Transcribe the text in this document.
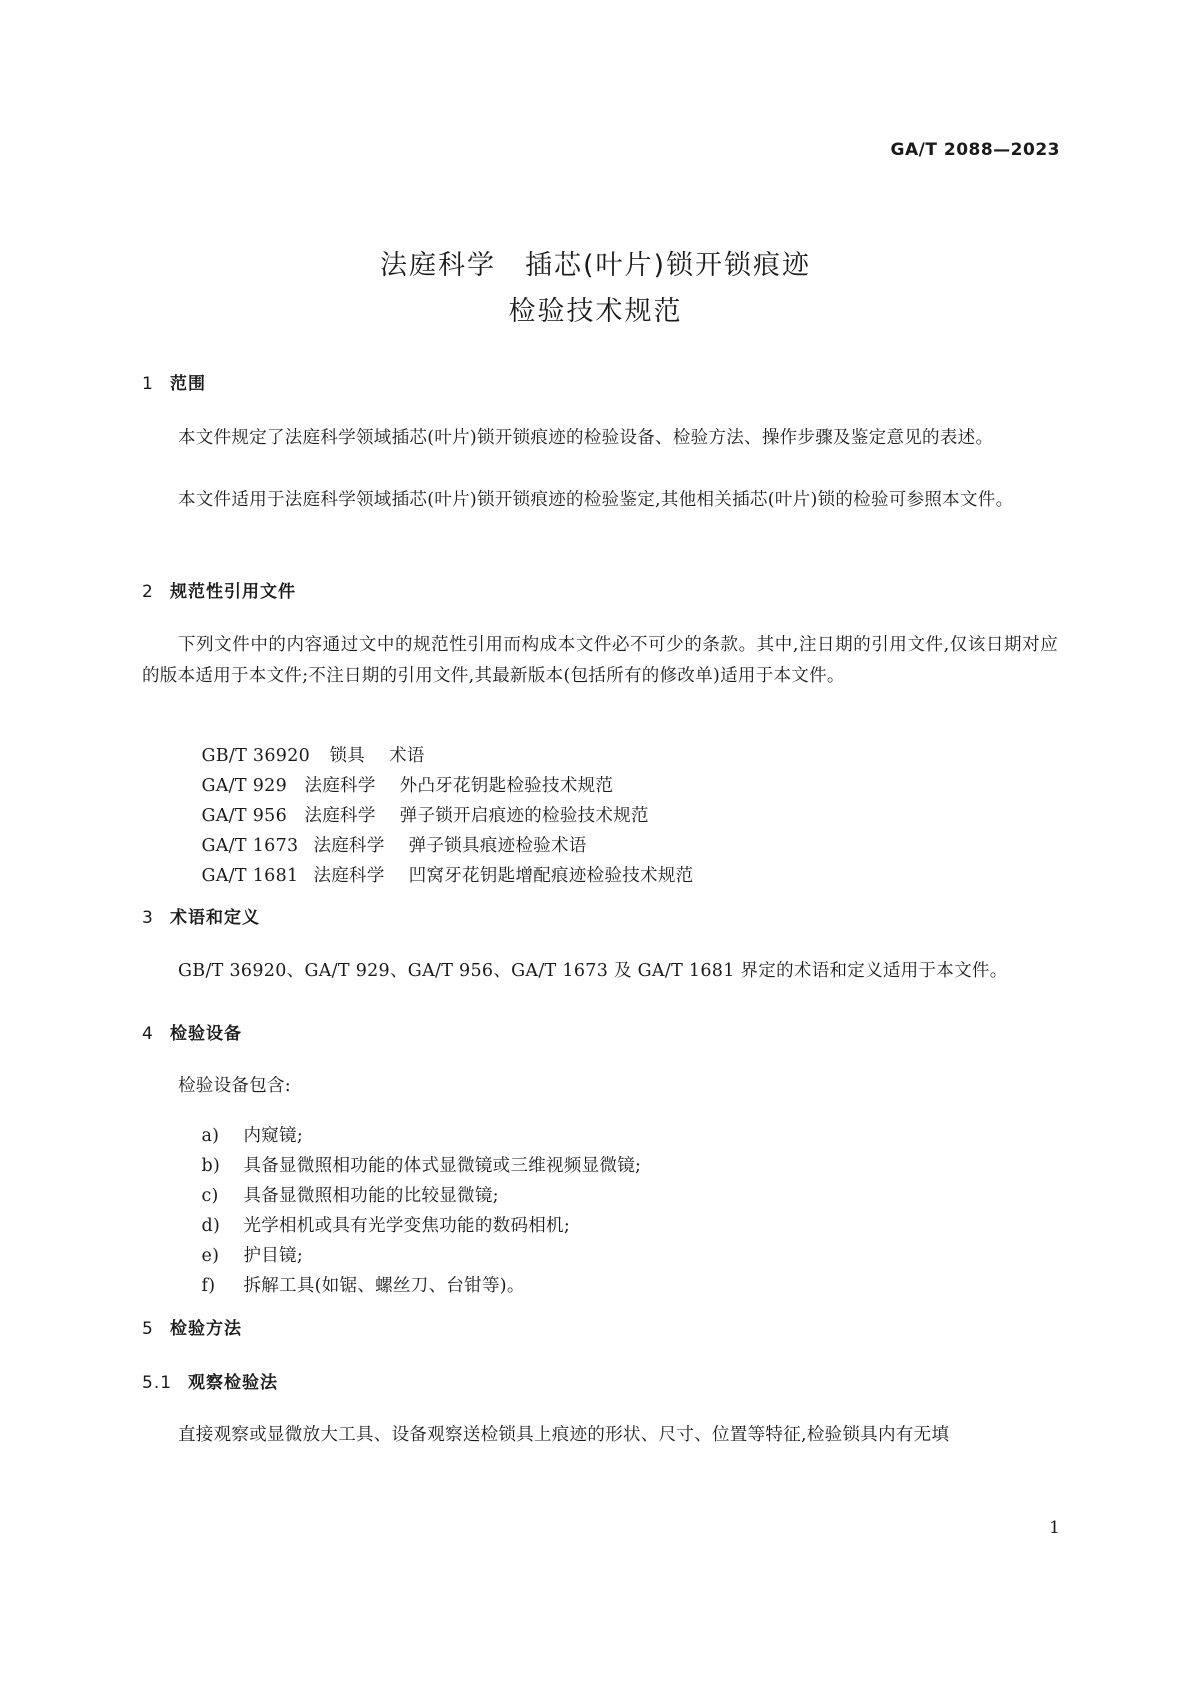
GA/T 2088—2023
法庭科学　插芯(叶片)锁开锁痕迹
检验技术规范
1 范围
本文件规定了法庭科学领域插芯(叶片)锁开锁痕迹的检验设备、检验方法、操作步骤及鉴定意见的表述。
本文件适用于法庭科学领域插芯(叶片)锁开锁痕迹的检验鉴定,其他相关插芯(叶片)锁的检验可参照本文件。
2 规范性引用文件
下列文件中的内容通过文中的规范性引用而构成本文件必不可少的条款。其中,注日期的引用文件,仅该日期对应的版本适用于本文件;不注日期的引用文件,其最新版本(包括所有的修改单)适用于本文件。

GB/T 36920 锁具 术语

GA/T 929 法庭科学 外凸牙花钥匙检验技术规范

GA/T 956 法庭科学 弹子锁开启痕迹的检验技术规范

GA/T 1673 法庭科学 弹子锁具痕迹检验术语

GA/T 1681 法庭科学 凹窝牙花钥匙增配痕迹检验技术规范

3 术语和定义
GB/T 36920、GA/T 929、GA/T 956、GA/T 1673 及 GA/T 1681 界定的术语和定义适用于本文件。
4 检验设备
检验设备包含:

a) 内窥镜;

b) 具备显微照相功能的体式显微镜或三维视频显微镜;

c) 具备显微照相功能的比较显微镜;

d) 光学相机或具有光学变焦功能的数码相机;

e) 护目镜;

f) 拆解工具(如锯、螺丝刀、台钳等)。

5 检验方法
5.1 观察检验法
直接观察或显微放大工具、设备观察送检锁具上痕迹的形状、尺寸、位置等特征,检验锁具内有无填
1
